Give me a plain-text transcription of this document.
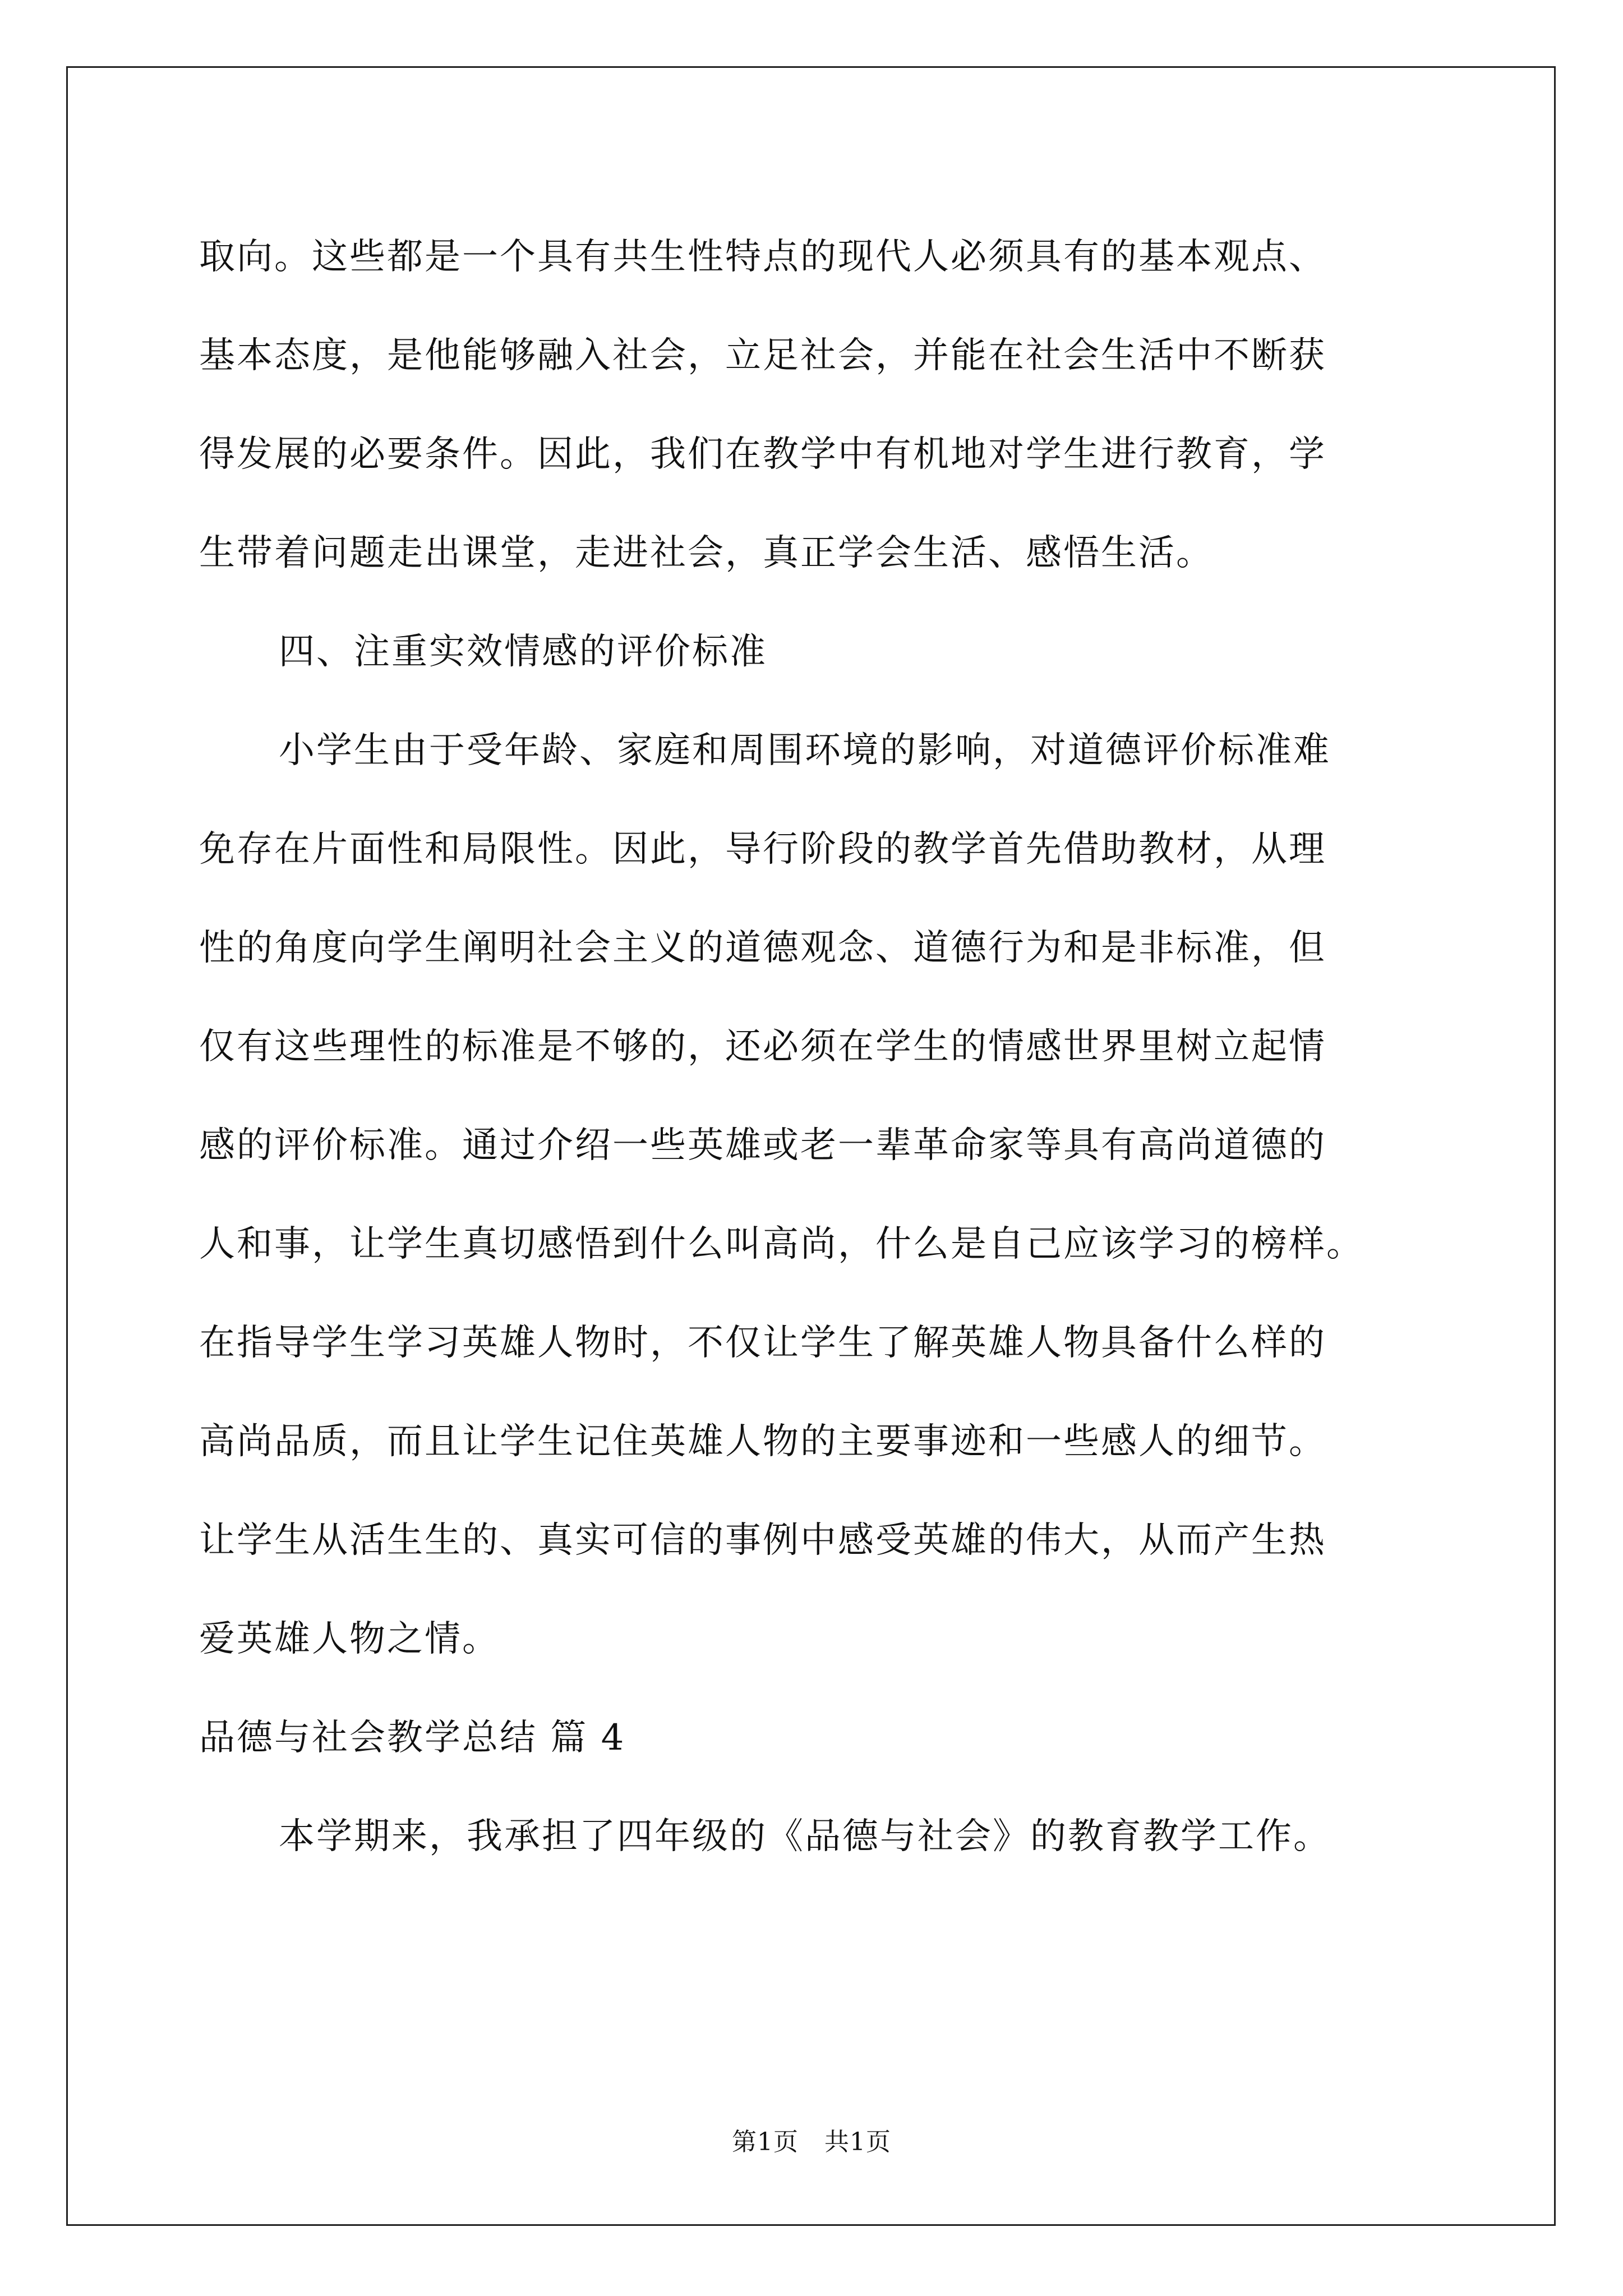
取向。这些都是一个具有共生性特点的现代人必须具有的基本观点、
基本态度，是他能够融入社会，立足社会，并能在社会生活中不断获
得发展的必要条件。因此，我们在教学中有机地对学生进行教育，学
生带着问题走出课堂，走进社会，真正学会生活、感悟生活。
四、注重实效情感的评价标准
小学生由于受年龄、家庭和周围环境的影响，对道德评价标准难
免存在片面性和局限性。因此，导行阶段的教学首先借助教材，从理
性的角度向学生阐明社会主义的道德观念、道德行为和是非标准，但
仅有这些理性的标准是不够的，还必须在学生的情感世界里树立起情
感的评价标准。通过介绍一些英雄或老一辈革命家等具有高尚道德的
人和事，让学生真切感悟到什么叫高尚，什么是自己应该学习的榜样。
在指导学生学习英雄人物时，不仅让学生了解英雄人物具备什么样的
高尚品质，而且让学生记住英雄人物的主要事迹和一些感人的细节。
让学生从活生生的、真实可信的事例中感受英雄的伟大，从而产生热
爱英雄人物之情。
品德与社会教学总结 篇 4
本学期来，我承担了四年级的《品德与社会》的教育教学工作。
第1页 共1页
